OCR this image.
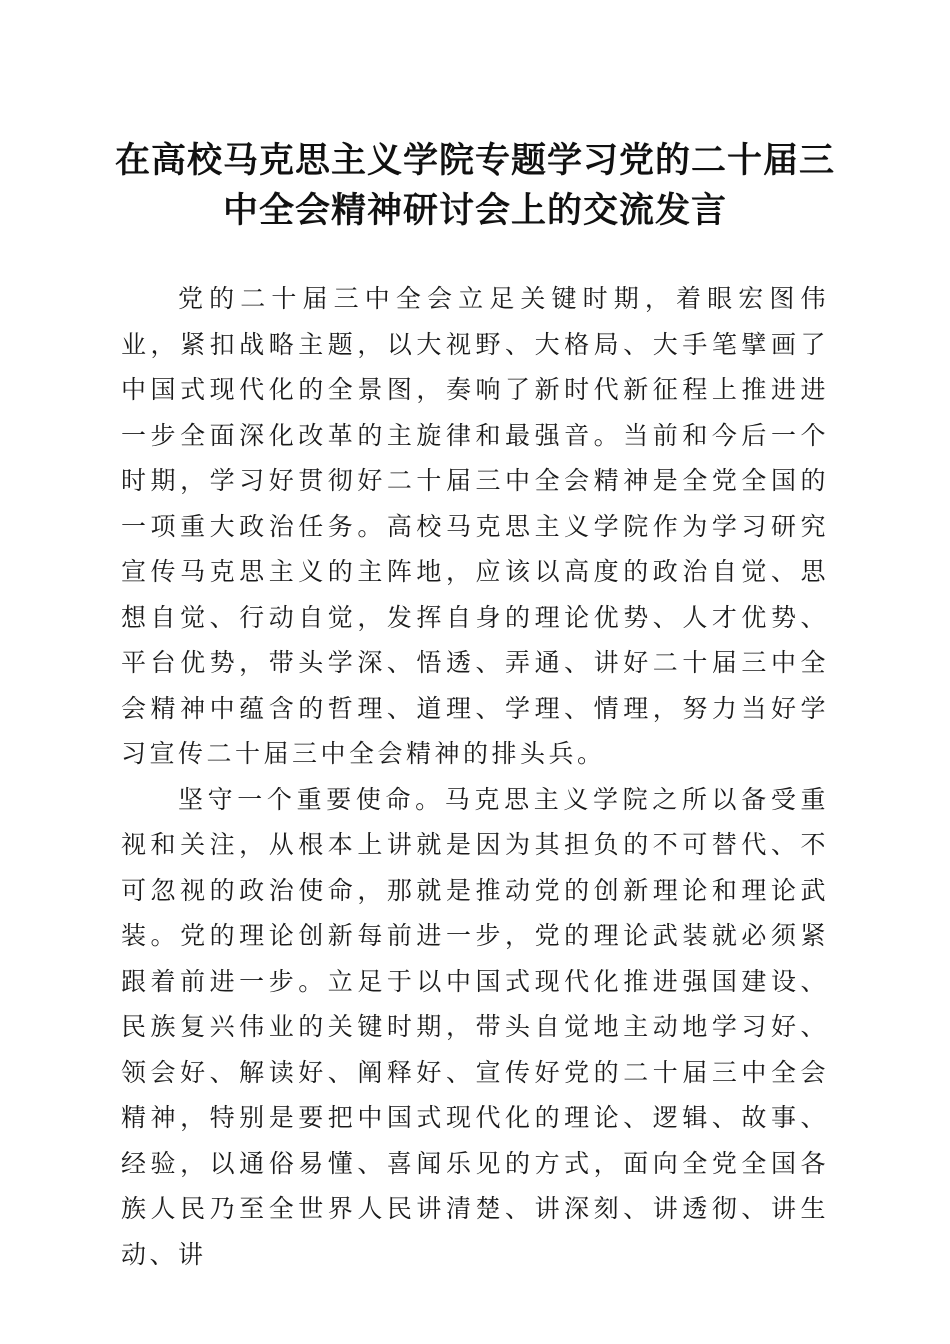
在高校马克思主义学院专题学习党的二十届三
中全会精神研讨会上的交流发言

党的二十届三中全会立足关键时期，着眼宏图伟业，紧扣战略主题，以大视野、大格局、大手笔擘画了中国式现代化的全景图，奏响了新时代新征程上推进进一步全面深化改革的主旋律和最强音。当前和今后一个时期，学习好贯彻好二十届三中全会精神是全党全国的一项重大政治任务。高校马克思主义学院作为学习研究宣传马克思主义的主阵地，应该以高度的政治自觉、思想自觉、行动自觉，发挥自身的理论优势、人才优势、平台优势，带头学深、悟透、弄通、讲好二十届三中全会精神中蕴含的哲理、道理、学理、情理，努力当好学习宣传二十届三中全会精神的排头兵。

坚守一个重要使命。马克思主义学院之所以备受重视和关注，从根本上讲就是因为其担负的不可替代、不可忽视的政治使命，那就是推动党的创新理论和理论武装。党的理论创新每前进一步，党的理论武装就必须紧跟着前进一步。立足于以中国式现代化推进强国建设、民族复兴伟业的关键时期，带头自觉地主动地学习好、领会好、解读好、阐释好、宣传好党的二十届三中全会精神，特别是要把中国式现代化的理论、逻辑、故事、经验，以通俗易懂、喜闻乐见的方式，面向全党全国各族人民乃至全世界人民讲清楚、讲深刻、讲透彻、讲生动、讲
